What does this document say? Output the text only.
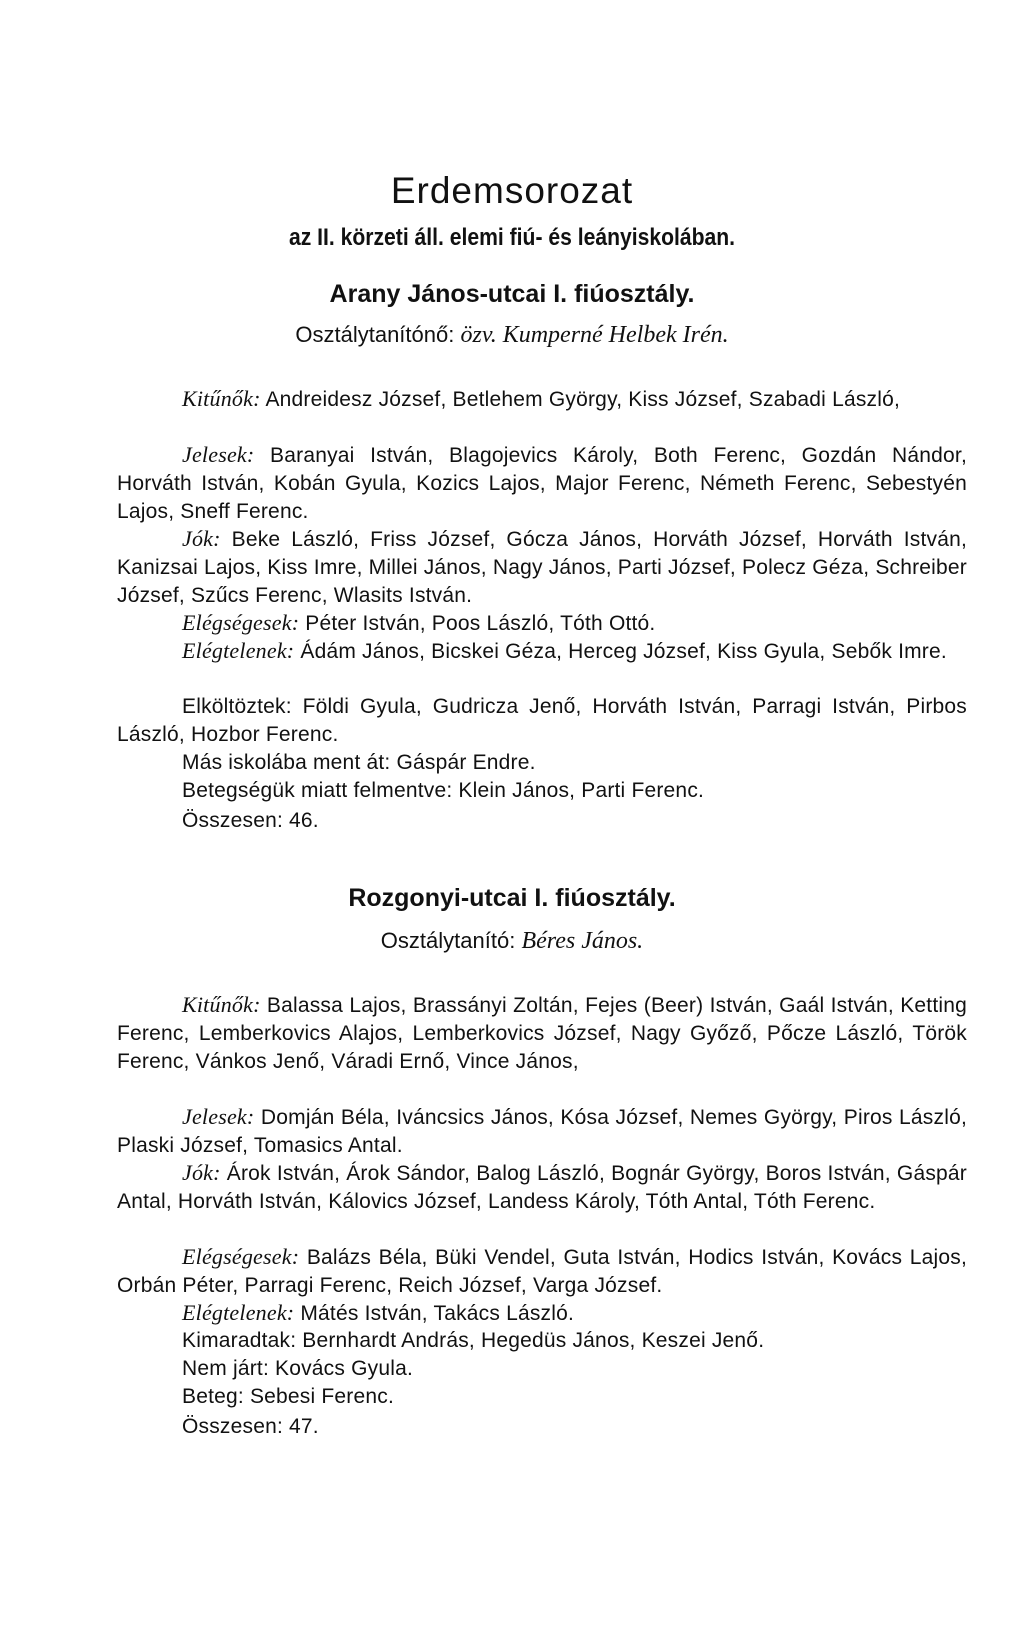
Erdemsorozat
az II. körzeti áll. elemi fiú- és leányiskolában.
Arany János-utcai I. fiúosztály.
Osztálytanítónő: özv. Kumperné Helbek Irén.
Kitűnők: Andreidesz József, Betlehem György, Kiss József, Szabadi László,
Jelesek: Baranyai István, Blagojevics Károly, Both Ferenc, Gozdán Nándor, Horváth István, Kobán Gyula, Kozics Lajos, Major Ferenc, Németh Ferenc, Sebestyén Lajos, Sneff Ferenc.
Jók: Beke László, Friss József, Gócza János, Horváth József, Horváth István, Kanizsai Lajos, Kiss Imre, Millei János, Nagy János, Parti József, Polecz Géza, Schreiber József, Szűcs Ferenc, Wlasits István.
Elégségesek: Péter István, Poos László, Tóth Ottó.
Elégtelenek: Ádám János, Bicskei Géza, Herceg József, Kiss Gyula, Sebők Imre.
Elköltöztek: Földi Gyula, Gudricza Jenő, Horváth István, Parragi István, Pirbos László, Hozbor Ferenc.
Más iskolába ment át: Gáspár Endre.
Betegségük miatt felmentve: Klein János, Parti Ferenc.
Összesen: 46.
Rozgonyi-utcai I. fiúosztály.
Osztálytanító: Béres János.
Kitűnők: Balassa Lajos, Brassányi Zoltán, Fejes (Beer) István, Gaál István, Ketting Ferenc, Lemberkovics Alajos, Lemberkovics József, Nagy Győző, Pőcze László, Török Ferenc, Vánkos Jenő, Váradi Ernő, Vince János,
Jelesek: Domján Béla, Iváncsics János, Kósa József, Nemes György, Piros László, Plaski József, Tomasics Antal.
Jók: Árok István, Árok Sándor, Balog László, Bognár György, Boros István, Gáspár Antal, Horváth István, Kálovics József, Landess Károly, Tóth Antal, Tóth Ferenc.
Elégségesek: Balázs Béla, Büki Vendel, Guta István, Hodics István, Kovács Lajos, Orbán Péter, Parragi Ferenc, Reich József, Varga József.
Elégtelenek: Mátés István, Takács László.
Kimaradtak: Bernhardt András, Hegedüs János, Keszei Jenő.
Nem járt: Kovács Gyula.
Beteg: Sebesi Ferenc.
Összesen: 47.
